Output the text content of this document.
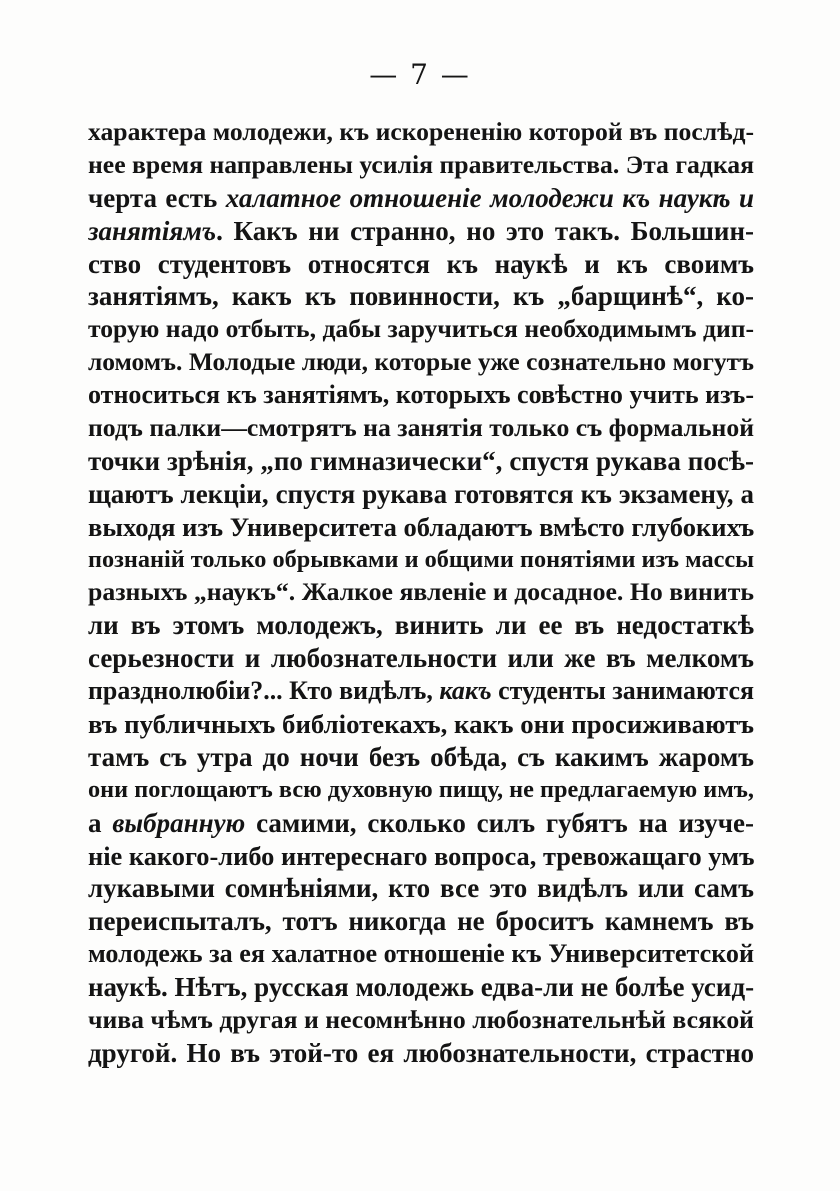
— 7 —
характера молодежи, къ искорененію которой въ послѣд-
нее время направлены усилія правительства. Эта гадкая
черта есть халатное отношеніе молодежи къ наукѣ и
занятіямъ. Какъ ни странно, но это такъ. Большин-
ство студентовъ относятся къ наукѣ и къ своимъ
занятіямъ, какъ къ повинности, къ „барщинѣ“, ко-
торую надо отбыть, дабы заручиться необходимымъ дип-
ломомъ. Молодые люди, которые уже сознательно могутъ
относиться къ занятіямъ, которыхъ совѣстно учить изъ-
подъ палки—смотрятъ на занятія только съ формальной
точки зрѣнія, „по гимназически“, спустя рукава посѣ-
щаютъ лекціи, спустя рукава готовятся къ экзамену, а
выходя изъ Университета обладаютъ вмѣсто глубокихъ
познаній только обрывками и общими понятіями изъ массы
разныхъ „наукъ“. Жалкое явленіе и досадное. Но винить
ли въ этомъ молодежъ, винить ли ее въ недостаткѣ
серьезности и любознательности или же въ мелкомъ
празднолюбіи?... Кто видѣлъ, какъ студенты занимаются
въ публичныхъ библіотекахъ, какъ они просиживаютъ
тамъ съ утра до ночи безъ обѣда, съ какимъ жаромъ
они поглощаютъ всю духовную пищу, не предлагаемую имъ,
а выбранную самими, сколько силъ губятъ на изуче-
ніе какого-либо интереснаго вопроса, тревожащаго умъ
лукавыми сомнѣніями, кто все это видѣлъ или самъ
переиспыталъ, тотъ никогда не броситъ камнемъ въ
молодежь за ея халатное отношеніе къ Университетской
наукѣ. Нѣтъ, русская молодежь едва-ли не болѣе усид-
чива чѣмъ другая и несомнѣнно любознательнѣй всякой
другой. Но въ этой-то ея любознательности, страстно
